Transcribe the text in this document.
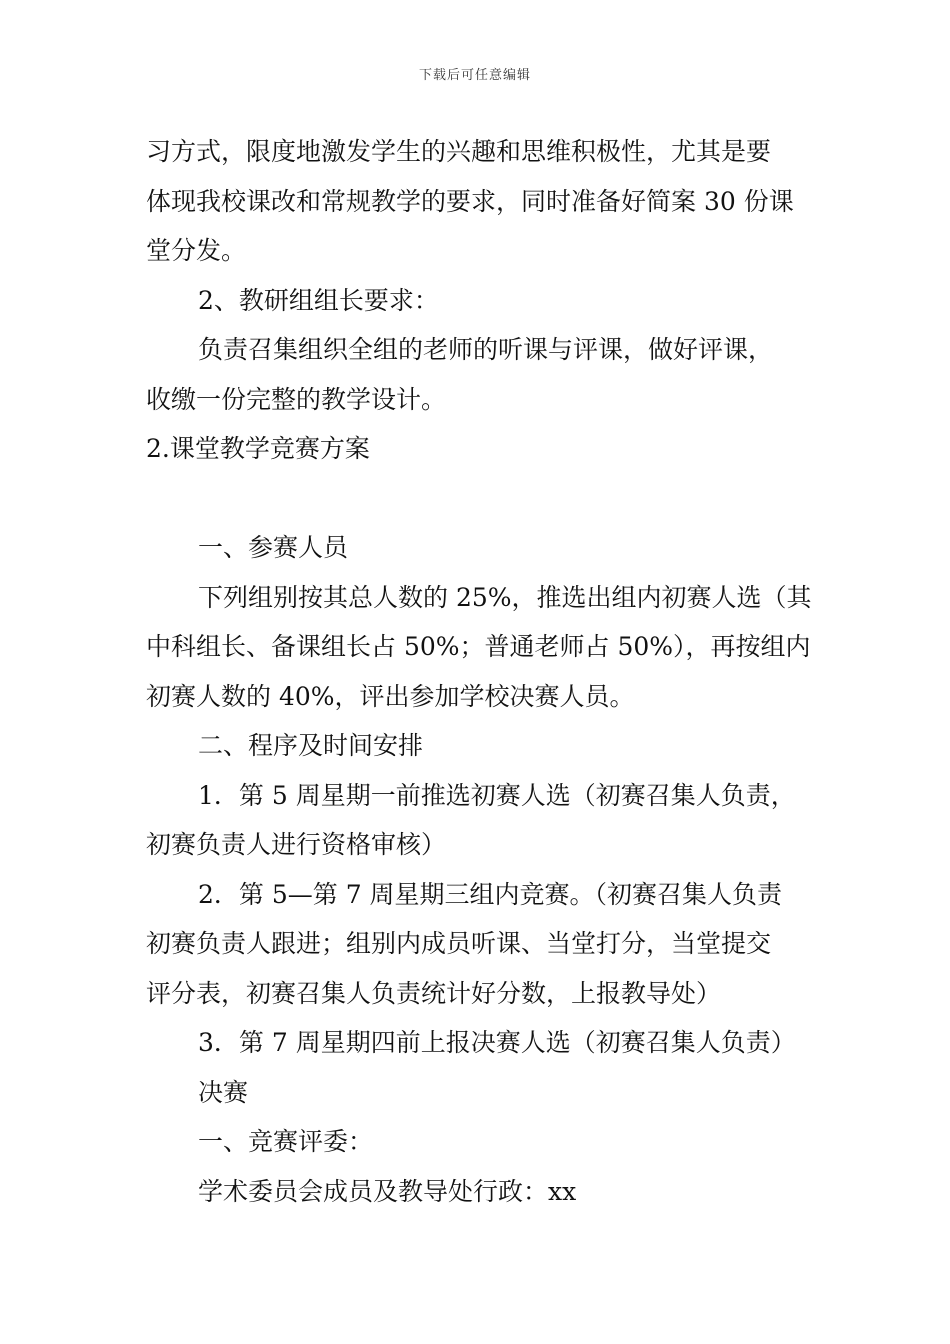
下载后可任意编辑

习方式，限度地激发学生的兴趣和思维积极性，尤其是要

体现我校课改和常规教学的要求，同时准备好简案 30 份课

堂分发。

2、教研组组长要求：

负责召集组织全组的老师的听课与评课，做好评课，

收缴一份完整的教学设计。

2.课堂教学竞赛方案

一、参赛人员

下列组别按其总人数的 25%，推选出组内初赛人选（其

中科组长、备课组长占 50%；普通老师占 50%），再按组内

初赛人数的 40%，评出参加学校决赛人员。

二、程序及时间安排

1．第 5 周星期一前推选初赛人选（初赛召集人负责，

初赛负责人进行资格审核）

2．第 5—第 7 周星期三组内竞赛。（初赛召集人负责

初赛负责人跟进；组别内成员听课、当堂打分，当堂提交

评分表，初赛召集人负责统计好分数，上报教导处）

3．第 7 周星期四前上报决赛人选（初赛召集人负责）

决赛

一、竞赛评委：

学术委员会成员及教导处行政：xx
